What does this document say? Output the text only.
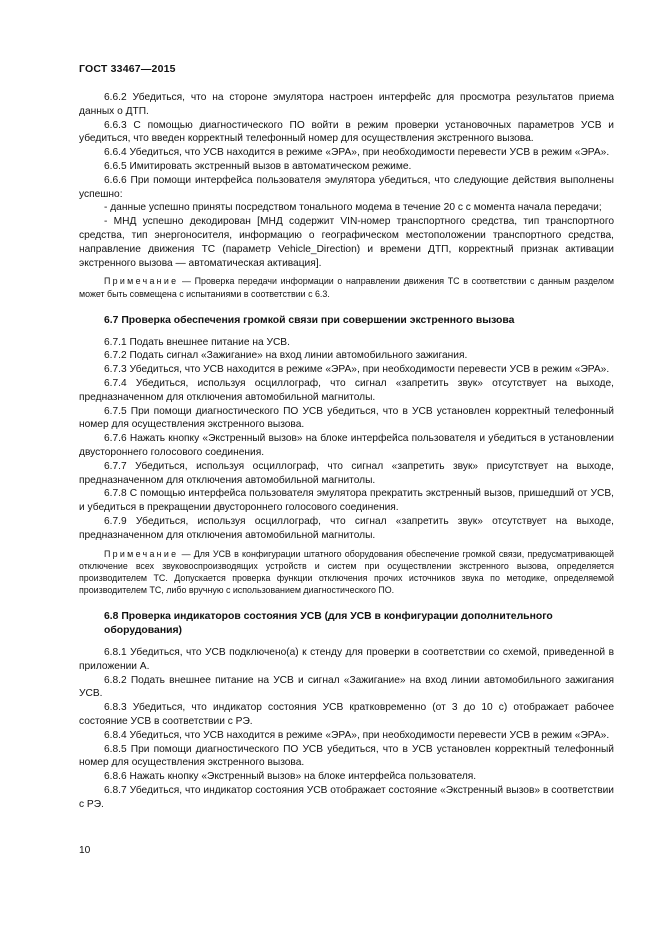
ГОСТ 33467—2015

6.6.2 Убедиться, что на стороне эмулятора настроен интерфейс для просмотра результатов приема данных о ДТП.

6.6.3 С помощью диагностического ПО войти в режим проверки установочных параметров УСВ и убедиться, что введен корректный телефонный номер для осуществления экстренного вызова.

6.6.4 Убедиться, что УСВ находится в режиме «ЭРА», при необходимости перевести УСВ в режим «ЭРА».

6.6.5 Имитировать экстренный вызов в автоматическом режиме.

6.6.6 При помощи интерфейса пользователя эмулятора убедиться, что следующие действия выполнены успешно:

- данные успешно приняты посредством тонального модема в течение 20 с с момента начала передачи;

- МНД успешно декодирован [МНД содержит VIN-номер транспортного средства, тип транспортного средства, тип энергоносителя, информацию о географическом местоположении транспортного средства, направление движения ТС (параметр Vehicle_Direction) и времени ДТП, корректный признак активации экстренного вызова — автоматическая активация].

Примечание — Проверка передачи информации о направлении движения ТС в соответствии с данным разделом может быть совмещена с испытаниями в соответствии с 6.3.

6.7 Проверка обеспечения громкой связи при совершении экстренного вызова

6.7.1 Подать внешнее питание на УСВ.

6.7.2 Подать сигнал «Зажигание» на вход линии автомобильного зажигания.

6.7.3 Убедиться, что УСВ находится в режиме «ЭРА», при необходимости перевести УСВ в режим «ЭРА».

6.7.4 Убедиться, используя осциллограф, что сигнал «запретить звук» отсутствует на выходе, предназначенном для отключения автомобильной магнитолы.

6.7.5 При помощи диагностического ПО УСВ убедиться, что в УСВ установлен корректный телефонный номер для осуществления экстренного вызова.

6.7.6 Нажать кнопку «Экстренный вызов» на блоке интерфейса пользователя и убедиться в установлении двустороннего голосового соединения.

6.7.7 Убедиться, используя осциллограф, что сигнал «запретить звук» присутствует на выходе, предназначенном для отключения автомобильной магнитолы.

6.7.8 С помощью интерфейса пользователя эмулятора прекратить экстренный вызов, пришедший от УСВ, и убедиться в прекращении двустороннего голосового соединения.

6.7.9 Убедиться, используя осциллограф, что сигнал «запретить звук» отсутствует на выходе, предназначенном для отключения автомобильной магнитолы.

Примечание — Для УСВ в конфигурации штатного оборудования обеспечение громкой связи, предусматривающей отключение всех звуковоспроизводящих устройств и систем при осуществлении экстренного вызова, определяется производителем ТС. Допускается проверка функции отключения прочих источников звука по методике, определяемой производителем ТС, либо вручную с использованием диагностического ПО.

6.8 Проверка индикаторов состояния УСВ (для УСВ в конфигурации дополнительного оборудования)

6.8.1 Убедиться, что УСВ подключено(а) к стенду для проверки в соответствии со схемой, приведенной в приложении А.

6.8.2 Подать внешнее питание на УСВ и сигнал «Зажигание» на вход линии автомобильного зажигания УСВ.

6.8.3 Убедиться, что индикатор состояния УСВ кратковременно (от 3 до 10 с) отображает рабочее состояние УСВ в соответствии с РЭ.

6.8.4 Убедиться, что УСВ находится в режиме «ЭРА», при необходимости перевести УСВ в режим «ЭРА».

6.8.5 При помощи диагностического ПО УСВ убедиться, что в УСВ установлен корректный телефонный номер для осуществления экстренного вызова.

6.8.6 Нажать кнопку «Экстренный вызов» на блоке интерфейса пользователя.

6.8.7 Убедиться, что индикатор состояния УСВ отображает состояние «Экстренный вызов» в соответствии с РЭ.

10
